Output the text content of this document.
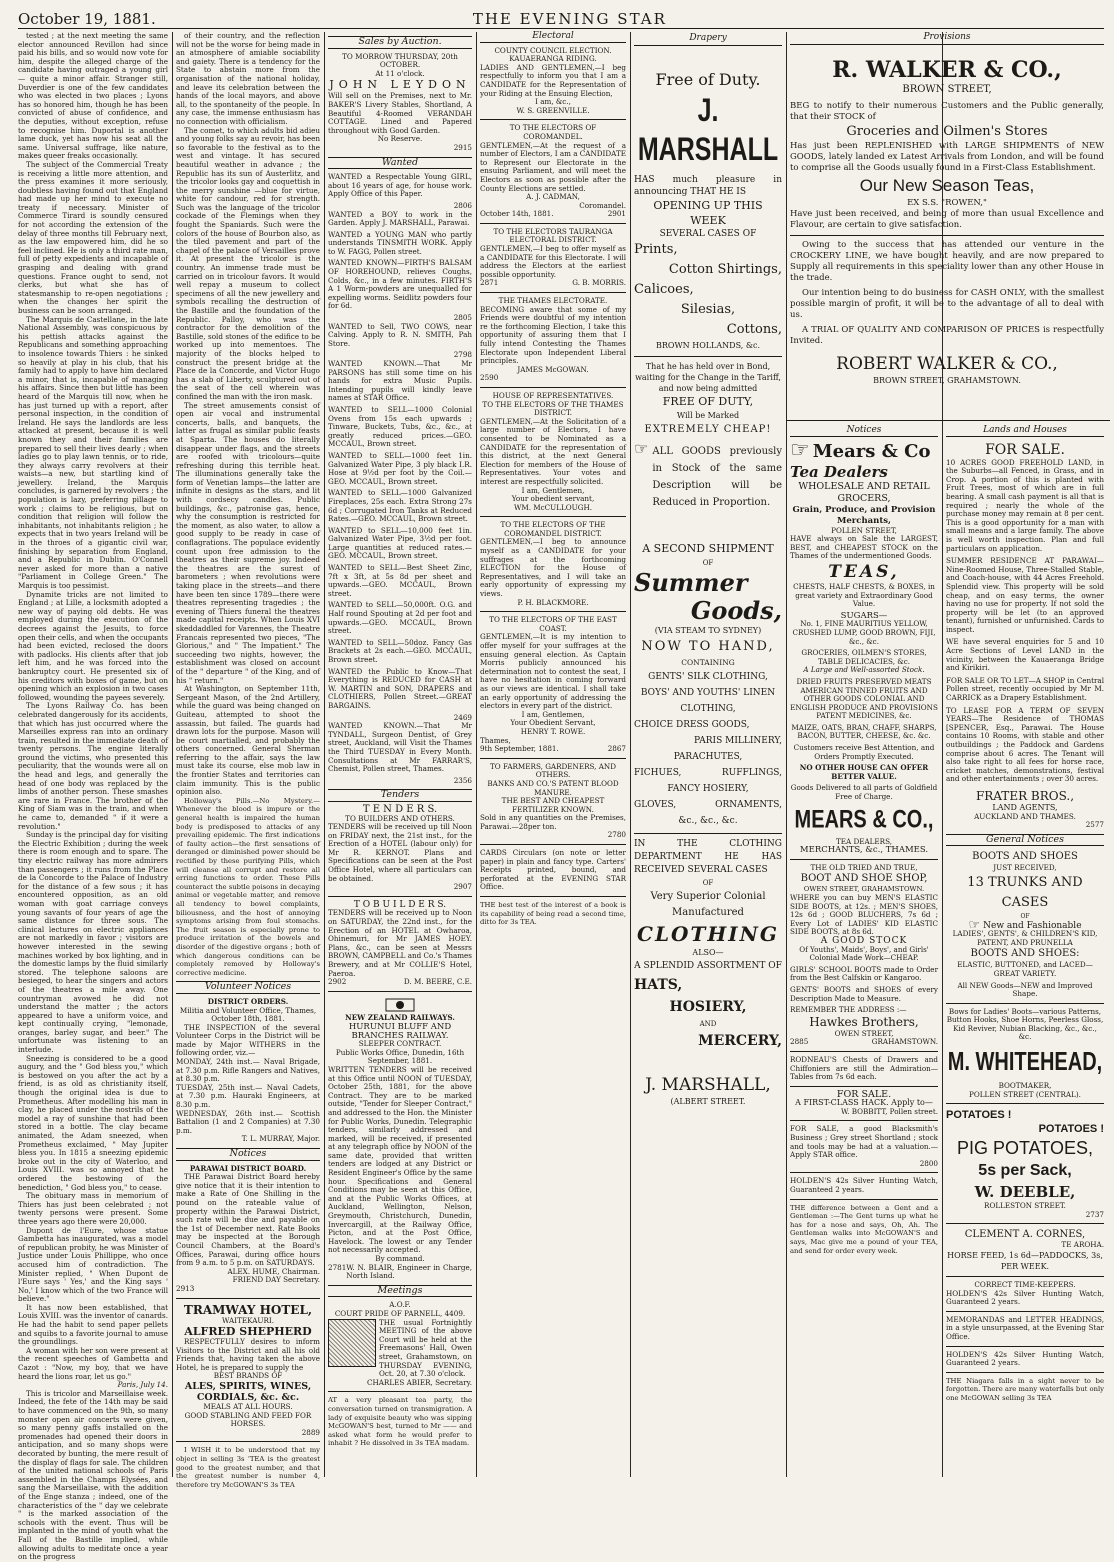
October 19, 1881.	THE EVENING STAR

tested ; at the next meeting the same elector announced Revillon had since paid his bills, and so would now vote for him, despite the alleged charge of the candidate having outraged a young girl— quite a minor affair. Stranger still, Duverdier is one of the few candidates who was elected in two places ; Lyons has so honored him, though he has been convicted of abuse of confidence, and the deputies, without exception, refuse to recognise him. Duportal is another lame duck, yet has now his seat all the same. Universal suffrage, like nature, makes queer freaks occasionally.

The subject of the Commercial Treaty is receiving a little more attention, and the press examines it more seriously, doubtless having found out that England had made up her mind to execute no treaty if necessary. Minister of Commerce Tirard is soundly censured for not according the extension of the delay of three months till February next, as the law empowered him, did he so feel inclined. He is only a third rate man, full of petty expedients and incapable of grasping and dealing with grand questions. France ought to send, not clerks, but what she has of statesmanship to re-open negotiations ; when the changes her spirit the business can be soon arranged.

The Marquis de Castellane, in the late National Assembly, was conspicuous by his pettish attacks against the Republicans and something approaching to insolence towards Thiers : he sinked so heavily at play in his club, that his family had to apply to have him declared a minor, that is, incapable of managing his affairs. Since then but little has been heard of the Marquis till now, when he has just turned up with a report, after personal inspection, in the condition of Ireland. He says the landlords are less attacked at present, because it is well known they and their families are prepared to sell their lives dearly ; when ladies go to play lawn tennis, or to ride, they always carry revolvers at their waists—a new, but startling kind of jewellery. Ireland, the Marquis concludes, is garnered by revolvers ; the population is lazy, preferring pillage to work ; claims to be religious, but on condition that religion will follow the inhabitants, not inhabitants religion ; he expects that in two years Ireland will be in the throes of a gigantic civil war, finishing by separation from England, and a Republic in Dublin. O'Connell never asked for more than a native "Parliament in College Green." The Marquis is too pessimist.

Dynamite tricks are not limited to England ; at Lille, a locksmith adopted a new way of paying old debts. He was employed during the execution of the decrees against the Jesuits, to force open their cells, and when the occupants had been evicted, reclosed the doors with padlocks. His clients after that job left him, and he was forced into the bankruptcy court. He presented six of his creditors with boxes of game, but on opening which an explosion in two cases followed, wounding the payees severely.

The Lyons Railway Co. has been celebrated dangerously for its accidents, that which has just occurred where the Marseilles express ran into an ordinary train, resulted in the immediate death of twenty persons. The engine literally ground the victims, who presented this peculiarity, that the wounds were all on the head and legs, and generally the head of one body was replaced by the limbs of another person. These smashes are rare in France. The brother of the King of Siam was in the train, and when he came to, demanded " if it were a revolution."

Sunday is the principal day for visiting the Electric Exhibition ; during the week there is room enough and to spare. The tiny electric railway has more admirers than passengers ; it runs from the Place de la Concorde to the Palace of Industry for the distance of a few sous ; it has encountered opposition, as an old woman with goat carriage conveys young savants of four years of age the same distance for three sous. The clinical lectures on electric appliances are not markedly in favor ; visitors are however interested in the sewing machines worked by box lighting, and in the domestic lamps by the fluid similarly stored. The telephone saloons are besieged, to hear the singers and actors of the theatres a mile away. One countryman avowed he did not understand the matter ; the actors appeared to have a uniform voice, and kept continually crying, "lemonade, oranges, barley sugar, and beer." The unfortunate was listening to an interlude.

Sneezing is considered to be a good augury, and the " God bless you," which is bestowed on you after the act by a friend, is as old as christianity itself, though the original idea is due to Prometheus. After modelling his man in clay, he placed under the nostrils of the model a ray of sunshine that had been stored in a bottle. The clay became animated, the Adam sneezed, when Prometheus exclaimed, " May Jupiter bless you. In 1815 a sneezing epidemic broke out in the city of Waterloo, and Louis XVIII. was so annoyed that he ordered the bestowing of the benediction, " God bless you," to cease.

The obituary mass in memorium of Thiers has just been celebrated ; not twenty persons were present. Some three years ago there were 20,000.

Dupont de l'Eure, whose statue Gambetta has inaugurated, was a model of republican probity, he was Minister of Justice under Louis Phillippe, who once accused him of contradiction. The Minister replied, " When Dupont de l'Eure says ' Yes,' and the King says ' No,' I know which of the two France will believe."

It has now been established, that Louis XVIII. was the inventor of canards. He had the habit to send paper pellets and squibs to a favorite journal to amuse the groundlings.

A woman with her son were present at the recent speeches of Gambetta and Cazot : "Now, my boy, that we have heard the lions roar, let us go."

Paris, July 14.

This is tricolor and Marseillaise week. Indeed, the fete of the 14th may be said to have commenced on the 9th, so many monster open air concerts were given, so many penny gaffs installed on the promenades had opened their doors in anticipation, and so many shops were decorated by bunting, the mere result of the display of flags for sale. The children of the united national schools of Paris assembled in the Champs Elysées, and sang the Marseillaise, with the addition of the Enge stanza ; indeed, one of the characteristics of the " day we celebrate " is the marked association of the schools with the event. Thus will be implanted in the mind of youth what the Fall of the Bastille implied, while allowing adults to meditate once a year on the progress

of their country, and the reflection will not be the worse for being made in an atmosphere of amiable sociability and gaiety. There is a tendency for the State to abstain more from the organisation of the national holiday, and leave its celebration between the hands of the local mayors, and above all, to the spontaneity of the people. In any case, the immense enthusiasm has no connection with officialism.

The comet, to which adults bid adieu and young folks say au revoir, has been so favorable to the festival as to the west and vintage. It has secured beautiful weather in advance ; the Republic has its sun of Austerlitz, and the tricolor looks gay and coquettish in the merry sunshine —blue for virtue, white for candour, red for strength. Such was the language of the tricolor cockade of the Flemings when they fought the Spaniards. Such were the colors of the house of Bourbon also, as the tiled pavement and part of the chapel of the palace of Versailles prove it. At present the tricolor is the country. An immense trade must be carried on in tricolour favors. It would well repay a museum to collect specimens of all the new jewellery and symbols recalling the destruction of the Bastille and the foundation of the Republic. Palloy, who was the contractor for the demolition of the Bastille, sold stones of the edifice to be worked up into mementoes. The majority of the blocks helped to construct the present bridge at the Place de la Concorde, and Victor Hugo has a slab of Liberty, sculptured out of the seat of the cell wherein was confined the man with the iron mask.

The street amusements consist of open air vocal and instrumental concerts, balls, and banquets, the latter as frugal as similar public feasts at Sparta. The houses do literally disappear under flags, and the streets are roofed with tricolours—quite refreshing during this terrible heat. The illuminations generally take the form of Venetian lamps—the latter are infinite in designs as the stars, and lit with cordsecy candles. Public buildings, &c., patronise gas, hence, why the consumption is restricted for the moment, as also water, to allow a good supply to be ready in case of conflagrations. The populace evidently count upon free admission to the theatres as their supreme joy. Indeed the theatres are the surest of barometers ; when revolutions were taking place in the streets—and there have been ten since 1789—there were theatres representing tragedies ; the evening of Thiers funeral the theatres made capital receipts. When Louis XVI skeddaddled for Varennes, the Theatre Francais represented two pieces, "The Glorious," and " The Impatient." The succeeding two nights, however, the establishment was closed on account of the " departure " of the King, and of his " return."

At Washington, on September 11th, Sergeant Mason, of the 2nd Artillery, while the guard was being changed on Guiteau, attempted to shoot the assassin, but failed. The guards had drawn lots for the purpose. Mason will be court martialled, and probably the others concerned. General Sherman referring to the affair, says the law must take its course, else mob law in the frontier States and territories can claim immunity. This is the public opinion also.

Holloway's Pills.—No Mystery.—Whenever the blood is impure or the general health is impaired the human body is predisposed to attacks of any prevailing epidemic. The first indications of faulty action—the first sensations of deranged or diminished power should be rectified by these purifying Pills, which will cleanse all corrupt and restore all erring functions to order. These Pills counteract the subtle poisons in decaying animal or vegetable matter, and remove all tendency to bowel complaints, biliousness, and the host of annoying symptoms arising from foul stomachs. The fruit season is especially prone to produce irritation of the bowels and disorder of the digestive organs ; both of which dangerous conditions can be completely removed by Holloway's corrective medicine.

Volunteer Notices
DISTRICT ORDERS.
Militia and Volunteer Office, Thames, October 18th, 1881.

THE INSPECTION of the several Volunteer Corps in the District will be made by Major WITHERS in the following order, viz.—

MONDAY, 24th inst.— Naval Brigade, at 7.30 p.m. Rifle Rangers and Natives, at 8.30 p.m.
TUESDAY, 25th inst.— Naval Cadets, at 7.30 p.m. Hauraki Engineers, at 8.30 p.m.
WEDNESDAY, 26th inst.— Scottish Battalion (1 and 2 Companies) at 7.30 p.m.
T. L. MURRAY, Major.
Notices
PARAWAI DISTRICT BOARD.

THE Parawai District Board hereby give notice that it is their intention to make a Rate of One Shilling in the pound on the rateable value of property within the Parawai District, such rate will be due and payable on the 1st of December next. Rate Books may be inspected at the Borough Council Chambers, at the Board's Offices, Parawai, during office hours from 9 a.m. to 5 p.m. on SATURDAYS.

ALEX. HUME, Chairman.
FRIEND DAY Secretary.
2913
TRAMWAY HOTEL,
WAITEKAURI.
ALFRED SHEPHERD

RESPECTFULLY desires to inform Visitors to the District and all his old Friends that, having taken the above Hotel, he is prepared to supply the

BEST BRANDS OF
ALES, SPIRITS, WINES, CORDIALS, &c. &c.
MEALS AT ALL HOURS.
GOOD STABLING AND FEED FOR HORSES.
2889

I WISH it to be understood that my object in selling 3s 'TEA is the greatest good to the greatest number, and that the greatest number is number 4, therefore try McGOWAN'S 3s TEA

Sales by Auction.
TO MORROW THURSDAY, 20th OCTOBER.
At 11 o'clock.
JOHN LEYDON

Will sell on the Premises, next to Mr. BAKER'S Livery Stables, Shortland, A Beautiful 4-Roomed VERANDAH COTTAGE. Lined and Papered throughout with Good Garden.

No Reserve.
2915
Wanted

WANTED a Respectable Young GIRL, about 16 years of age, for house work. Apply Office of this Paper.

2806

WANTED a BOY to work in the Garden. Apply J. MARSHALL, Parawai.

WANTED a YOUNG MAN who partly understands TINSMITH WORK. Apply to W. FAGG, Pollen street.

WANTED KNOWN—FIRTH'S BALSAM OF HOREHOUND, relieves Coughs, Colds, &c., in a few minutes. FIRTH'S A 1 Worm-powders are unequalled for expelling worms. Seidlitz powders four for 6d.

2805

WANTED to Sell, TWO COWS, near Calving. Apply to R. N. SMITH, Pah Store.

2798

WANTED KNOWN.—That Mr PARSONS has still some time on his hands for extra Music Pupils. Intending pupils will kindly leave names at STAR Office.

WANTED to SELL—1000 Colonial Ovens from 15s each upwards ; Tinware, Buckets, Tubs, &c., &c., at greatly reduced prices.—GEO. MCCAUL, Brown street.

WANTED to SELL—1000 feet 1in. Galvanized Water Pipe, 3 ply black I.R. Hose at 9½d per foot by the Coil.—GEO. MCCAUL, Brown street.

WANTED to SELL—1000 Galvanized Fireplaces, 25s each. Extra Strong 27s 6d ; Corrugated Iron Tanks at Reduced Rates.—GEO. MCCAUL, Brown street.

WANTED to SELL—10,000 feet 1in. Galvanized Water Pipe, 3½d per foot. Large quantities at reduced rates.— GEO. MCCAUL, Brown street.

WANTED to SELL—Best Sheet Zinc, 7ft x 3ft, at 5s 8d per sheet and upwards.—GEO. MCCAUL, Brown street.

WANTED to SELL—50,000ft. O.G. and Half round Spouting at 2d per foot and upwards.—GEO. MCCAUL, Brown street.

WANTED to SELL—50doz. Fancy Gas Brackets at 2s each.—GEO. MCCAUL, Brown street.

WANTED the Public to Know—That Everything is REDUCED for CASH at W. MARTIN and SON, DRAPERS and CLOTHIERS, Pollen Street.—GREAT BARGAINS.

2469

WANTED KNOWN.—That Mr TYNDALL, Surgeon Dentist, of Grey street, Auckland, will Visit the Thames the Third TUESDAY in Every Month. Consultations at Mr FARRAR'S, Chemist, Pollen street, Thames.

2356
Tenders
T E N D E R S.
TO BUILDERS AND OTHERS.

TENDERS will be received up till Noon on FRIDAY next, the 21st inst., for the Erection of a HOTEL (labour only) for Mr R. KERNOT. Plans and Specifications can be seen at the Post Office Hotel, where all particulars can be obtained.

2907
T O B U I L D E R S.

TENDERS will be received up to Noon on SATURDAY, the 22nd inst., for the Erection of an HOTEL at Owharoa, Ohinemuri, for Mr JAMES HOEY. Plans, &c., can be seen at Messrs BROWN, CAMPBELL and Co.'s Thames Brewery, and at Mr COLLIE'S Hotel, Paeroa.

2902	D. M. BEERE, C.E.
NEW ZEALAND RAILWAYS.
HURUNUI BLUFF AND BRANCHES RAILWAY.
SLEEPER CONTRACT.
Public Works Office, Dunedin, 16th September, 1881.

WRITTEN TENDERS will be received at this Office until NOON of TUESDAY, October 25th, 1881, for the above Contract. They are to be marked outside, "Tender for Sleeper Contract," and addressed to the Hon. the Minister for Public Works, Dunedin. Telegraphic tenders, similarly addressed and marked, will be received, if presented at any telegraph office by NOON of the same date, provided that written tenders are lodged at any District or Resident Engineer's Office by the same hour. Specifications and General Conditions may be seen at this Office, and at the Public Works Offices, at Auckland, Wellington, Nelson, Greymouth, Christchurch, Dunedin, Invercargill, at the Railway Office, Picton, and at the Post Office, Havelock. The lowest or any Tender not necessarily accepted.

By command.
2781 W. N. BLAIR, Engineer in Charge, North Island.
Meetings
A.O.F.
COURT PRIDE OF PARNELL, 4409.

THE usual Fortnightly MEETING of the above Court will be held at the Freemasons' Hall, Owen street, Grahamstown, on THURSDAY EVENING, Oct. 20, at 7.30 o'clock.

CHARLES ABIER, Secretary.

AT a very pleasant tea party, the conversation turned on transmigration. A lady of exquisite beauty who was sipping McGOWAN'S best, turned to Mr —— and asked what form he would prefer to inhabit ? He dissolved in 3s TEA madam.

Electoral
COUNTY COUNCIL ELECTION.
KAUAERANGA RIDING.

LADIES AND GENTLEMEN,—I beg respectfully to inform you that I am a CANDIDATE for the Representation of your Riding at the Ensuing Election,

I am, &c.,
W. S. GREENVILLE.
TO THE ELECTORS OF COROMANDEL.

GENTLEMEN,—At the request of a number of Electors, I am a CANDIDATE to Represent our Electorate in the ensuing Parliament, and will meet the Electors as soon as possible after the County Elections are settled.

A. J. CADMAN,
Coromandel.
October 14th, 1881.	2901
TO THE ELECTORS TAURANGA ELECTORAL DISTRICT.

GENTLEMEN,—I beg to offer myself as a CANDIDATE for this Electorate. I will address the Electors at the earliest possible opportunity.

2871	G. B. MORRIS.
THE THAMES ELECTORATE.

BECOMING aware that some of my Friends were doubtful of my intention re the forthcoming Election, I take this opportunity of assuring them that I fully intend Contesting the Thames Electorate upon Independent Liberal principles.

JAMES McGOWAN.
2590
HOUSE OF REPRESENTATIVES.
TO THE ELECTORS OF THE THAMES DISTRICT.

GENTLEMEN,—At the Solicitation of a large number of Electors, I have consented to be Nominated as a CANDIDATE for the representation of this district, at the next General Election for members of the House of Representatives. Your votes and interest are respectfully solicited.

I am, Gentlemen,
Your obedient servant,
WM. McCULLOUGH.
TO THE ELECTORS OF THE COROMANDEL DISTRICT.

GENTLEMEN,—I beg to announce myself as a CANDIDATE for your suffrages at the forthcoming ELECTION for the House of Representatives, and I will take an early opportunity of expressing my views.

P. H. BLACKMORE.
TO THE ELECTORS OF THE EAST COAST.

GENTLEMEN,—It is my intention to offer myself for your suffrages at the ensuing general election. As Captain Morris publicly announced his determination not to contest the seat, I have no hesitation in coming forward as our views are identical. I shall take an early opportunity of addressing the electors in every part of the district.

I am, Gentlemen,
Your Obedient Servant,
HENRY T. ROWE.
Thames,
9th September, 1881.	2867
TO FARMERS, GARDENERS, AND OTHERS.

BANKS AND CO.'S PATENT BLOOD MANURE.

THE BEST AND CHEAPEST FERTILIZER KNOWN.

Sold in any quantities on the Premises, Parawai.—28per ton.

2780

CARDS Circulars (on note or letter paper) in plain and fancy type. Carters' Receipts printed, bound, and perforated at the EVENING STAR Office.

THE best test of the interest of a book is its capability of being read a second time, ditto for 3s TEA.

Drapery
Free of Duty.
J. MARSHALL

HAS much pleasure in announcing THAT HE IS

OPENING UP THIS WEEK
SEVERAL CASES OF
Prints,
Cotton Shirtings,
Calicoes,
Silesias,
Cottons,
BROWN HOLLANDS, &c.

That he has held over in Bond, waiting for the Change in the Tariff, and now being admitted

FREE OF DUTY,
Will be Marked
EXTREMELY CHEAP!
☞ ALL GOODS previously in Stock of the same Description will be Reduced in Proportion.

A SECOND SHIPMENT
OF
Summer
Goods,
(VIA STEAM TO SYDNEY)
NOW TO HAND,
CONTAINING
GENTS' SILK CLOTHING,
BOYS' AND YOUTHS' LINEN CLOTHING,
CHOICE DRESS GOODS,
PARIS MILLINERY,
PARACHUTES,
FICHUES,	RUFFLINGS,
FANCY HOSIERY,
GLOVES,	ORNAMENTS,
&c., &c., &c.

IN THE CLOTHING DEPARTMENT HE HAS RECEIVED SEVERAL CASES

OF
Very Superior Colonial Manufactured
CLOTHING
ALSO—
A SPLENDID ASSORTMENT OF
HATS,
HOSIERY,
AND
MERCERY,
J. MARSHALL,
(ALBERT STREET.
Provisions
R. WALKER & CO.,
BROWN STREET,

BEG to notify to their numerous Customers and the Public generally, that their STOCK of

Groceries and Oilmen's Stores

Has just been REPLENISHED with LARGE SHIPMENTS of NEW GOODS, lately landed ex Latest Arrivals from London, and will be found to comprise all the Goods usually found in a First-Class Establishment.

Our New Season Teas,
EX S.S. "ROWEN,"

Have just been received, and being of more than usual Excellence and Flavour, are certain to give satisfaction.

Owing to the success that has attended our venture in the CROCKERY LINE, we have bought heavily, and are now prepared to Supply all requirements in this speciality lower than any other House in the trade.

Our intention being to do business for CASH ONLY, with the smallest possible margin of profit, it will be to the advantage of all to deal with us.

A TRIAL OF QUALITY AND COMPARISON OF PRICES is respectfully Invited.

ROBERT WALKER & CO.,
BROWN STREET, GRAHAMSTOWN.
Notices
☞ Mears & Co
Tea Dealers
WHOLESALE AND RETAIL GROCERS,
Grain, Produce, and Provision Merchants,
POLLEN STREET,

HAVE always on Sale the LARGEST, BEST, and CHEAPEST STOCK on the Thames of the undermentioned Goods.

TEAS,
CHESTS, HALF CHESTS, & BOXES, in great variety and Extraordinary Good Value.
SUGARS—
No. 1, FINE MAURITIUS YELLOW, CRUSHED LUMP, GOOD BROWN, FIJI, &c., &c.
GROCERIES, OILMEN'S STORES, TABLE DELICACIES, &c.
A Large and Well-assorted Stock.
DRIED FRUITS PRESERVED MEATS AMERICAN TINNED FRUITS AND OTHER GOODS COLONIAL AND ENGLISH PRODUCE AND PROVISIONS PATENT MEDICINES, &c.
MAIZE, OATS, BRAN, CHAFF, SHARPS, BACON, BUTTER, CHEESE, &c. &c.
Customers receive Best Attention, and Orders Promptly Executed.
NO OTHER HOUSE CAN OFFER BETTER VALUE.
Goods Delivered to all parts of Goldfield Free of Charge.
MEARS & CO.,
TEA DEALERS,
MERCHANTS, &c., THAMES.
THE OLD TRIED AND TRUE,
BOOT AND SHOE SHOP,
OWEN STREET, GRAHAMSTOWN.

WHERE you can buy MEN'S ELASTIC SIDE BOOTS, at 12s. ; MEN'S SHOES, 12s 6d ; GOOD BLUCHERS, 7s 6d ; Every Lot of LADIES' KID ELASTIC SIDE BOOTS, at 8s 6d.

A GOOD STOCK
Of Youths', Maids', Boys', and Girls' Colonial Made Work—CHEAP.

GIRLS' SCHOOL BOOTS made to Order from the Best Calfskin or Kangaroo.

GENTS' BOOTS and SHOES of every Description Made to Measure.

REMEMBER THE ADDRESS :—
Hawkes Brothers,
OWEN STREET,
2885	GRAHAMSTOWN.

RODNEAU'S Chests of Drawers and Chiffoniers are still the Admiration—Tables from 7s 6d each.

FOR SALE.
A FIRST-CLASS HACK. Apply to—
W. BOBBITT, Pollen street.

FOR SALE, a good Blacksmith's Business ; Grey street Shortland ; stock and tools may be had at a valuation.—Apply STAR office.

2800

HOLDEN'S 42s Silver Hunting Watch, Guaranteed 2 years.

THE difference between a Gent and a Gentleman :—The Gent turns up what he has for a nose and says, Oh, Ah. The Gentleman walks into McGOWAN'S and says, Mac give me a pound of your TEA, and send for order every week.

Lands and Houses
FOR SALE.

10 ACRES GOOD FREEHOLD LAND, in the Suburbs—all Fenced, in Grass, and in Crop. A portion of this is planted with Fruit Trees, most of which are in full bearing. A small cash payment is all that is required ; nearly the whole of the purchase money may remain at 8 per cent. This is a good opportunity for a man with small means and a large family. The above is well worth inspection. Plan and full particulars on application.

SUMMER RESIDENCE AT PARAWAI—Nine-Roomed House, Three-Stalled Stable, and Coach-house, with 44 Acres Freehold. Splendid view. This property will be sold cheap, and on easy terms, the owner having no use for property. If not sold the property will be let (to an approved tenant), furnished or unfurnished. Cards to inspect.

WE have several enquiries for 5 and 10 Acre Sections of Level LAND in the vicinity, between the Kauaeranga Bridge and Kirikiri.

FOR SALE OR TO LET—A SHOP in Central Pollen street, recently occupied by Mr M. CARRICK as a Drapery Establishment.

TO LEASE FOR A TERM OF SEVEN YEARS—The Residence of THOMAS [SPENCER, Esq., Parawai. The House contains 10 Rooms, with stable and other outbuildings ; the Paddock and Gardens comprise about 6 acres. The Tenant will also take right to all fees for horse race, cricket matches, demonstrations, festival and other entertainments ; over 30 acres.

FRATER BROS.,
LAND AGENTS,
AUCKLAND AND THAMES.
2577
General Notices
BOOTS AND SHOES
JUST RECEIVED,
13 TRUNKS AND CASES
OF
☞ New and Fashionable
LADIES', GENTS', & CHILDREN'S KID, PATENT, AND PRUNELLA
BOOTS AND SHOES:
ELASTIC, BUTTONED, and LACED—GREAT VARIETY.
All NEW Goods—NEW and Improved Shape.
Bows for Ladies' Boots—various Patterns, Button Hooks, Shoe Horns, Peerless Gloss, Kid Reviver, Nubian Blacking, &c., &c., &c.
M. WHITEHEAD,
BOOTMAKER,
POLLEN STREET (CENTRAL).
POTATOES !
POTATOES !
PIG POTATOES,
5s per Sack,
W. DEEBLE,
ROLLESTON STREET.
2737
CLEMENT A. CORNES,
TE AROHA.
HORSE FEED, 1s 6d—PADDOCKS, 3s, PER WEEK.
CORRECT TIME-KEEPERS.

HOLDEN'S 42s Silver Hunting Watch, Guaranteed 2 years.

MEMORANDAS and LETTER HEADINGS, in a style unsurpassed, at the Evening Star Office.

HOLDEN'S 42s Silver Hunting Watch, Guaranteed 2 years.

THE Niagara falls in a sight never to be forgotten. There are many waterfalls but only one McGOWAN selling 3s TEA
